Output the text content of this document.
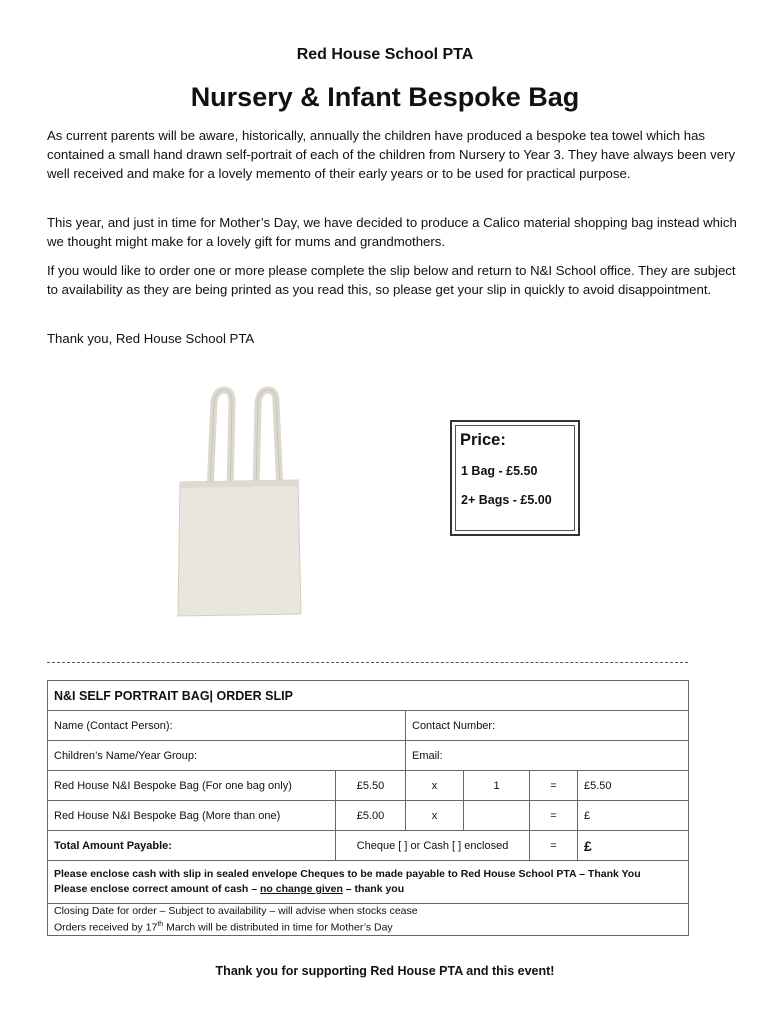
Red House School PTA
Nursery & Infant Bespoke Bag
As current parents will be aware, historically, annually the children have produced a bespoke tea towel which has contained a small hand drawn self-portrait of each of the children from Nursery to Year 3. They have always been very well received and make for a lovely memento of their early years or to be used for practical purpose.
This year, and just in time for Mother’s Day, we have decided to produce a Calico material shopping bag instead which we thought might make for a lovely gift for mums and grandmothers.
If you would like to order one or more please complete the slip below and return to N&I School office. They are subject to availability as they are being printed as you read this, so please get your slip in quickly to avoid disappointment.
Thank you, Red House School PTA
Price:
1 Bag - £5.50
2+ Bags - £5.00
N&I SELF PORTRAIT BAG| ORDER SLIP					
Name (Contact Person):		Contact Number:			
Children’s Name/Year Group:		Email:			
Red House N&I Bespoke Bag (For one bag only)	£5.50	x	1	=	£5.50
Red House N&I Bespoke Bag (More than one)	£5.00	x		=	£
Total Amount Payable:	Cheque [ ] or Cash [ ] enclosed			=	£

Please enclose cash with slip in sealed envelope Cheques to be made payable to Red House School PTA – Thank You
Please enclose correct amount of cash – no change given – thank you					

Closing Date for order – Subject to availability – will advise when stocks cease
Orders received by 17th March will be distributed in time for Mother’s Day					
Thank you for supporting Red House PTA and this event!
